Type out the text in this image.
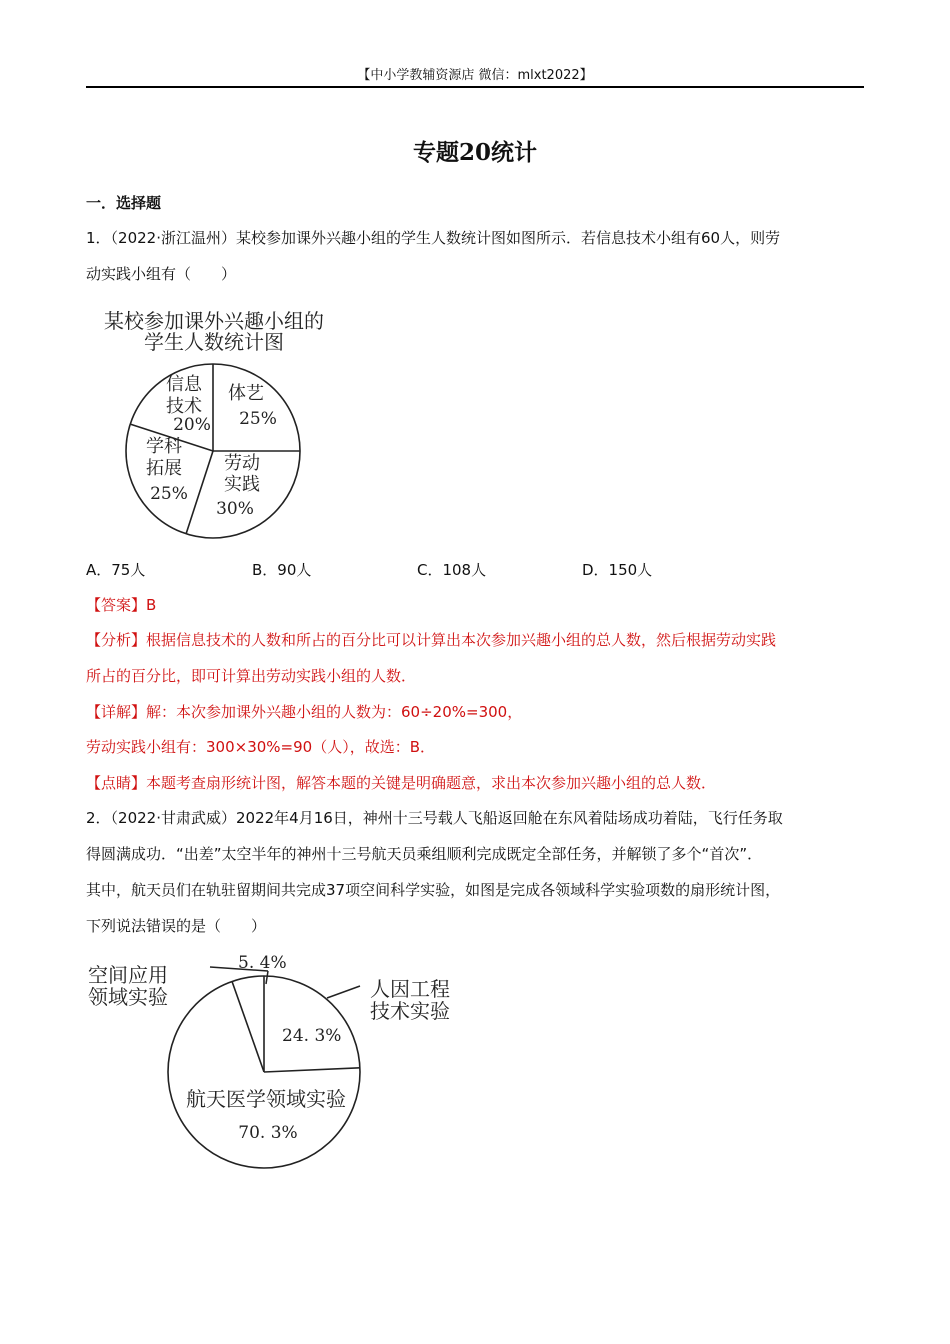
【中小学教辅资源店 微信：mlxt2022】
专题20统计
一．选择题
1．（2022·浙江温州）某校参加课外兴趣小组的学生人数统计图如图所示．若信息技术小组有60人，则劳
动实践小组有（　　）
某校参加课外兴趣小组的
学生人数统计图
信息
技术
20%
体艺
25%
劳动
实践
30%
学科
拓展
25%
A．75人	B．90人	C．108人	D．150人
【答案】B
【分析】根据信息技术的人数和所占的百分比可以计算出本次参加兴趣小组的总人数，然后根据劳动实践
所占的百分比，即可计算出劳动实践小组的人数．
【详解】解：本次参加课外兴趣小组的人数为：60÷20%=300，
劳动实践小组有：300×30%=90（人），故选：B．
【点睛】本题考查扇形统计图，解答本题的关键是明确题意，求出本次参加兴趣小组的总人数．
2．（2022·甘肃武威）2022年4月16日，神州十三号载人飞船返回舱在东风着陆场成功着陆，飞行任务取
得圆满成功．“出差”太空半年的神州十三号航天员乘组顺利完成既定全部任务，并解锁了多个“首次”．
其中，航天员们在轨驻留期间共完成37项空间科学实验，如图是完成各领域科学实验项数的扇形统计图，
下列说法错误的是（　　）
空间应用
领域实验
5. 4%
人因工程
技术实验
24. 3%
航天医学领域实验
70. 3%
